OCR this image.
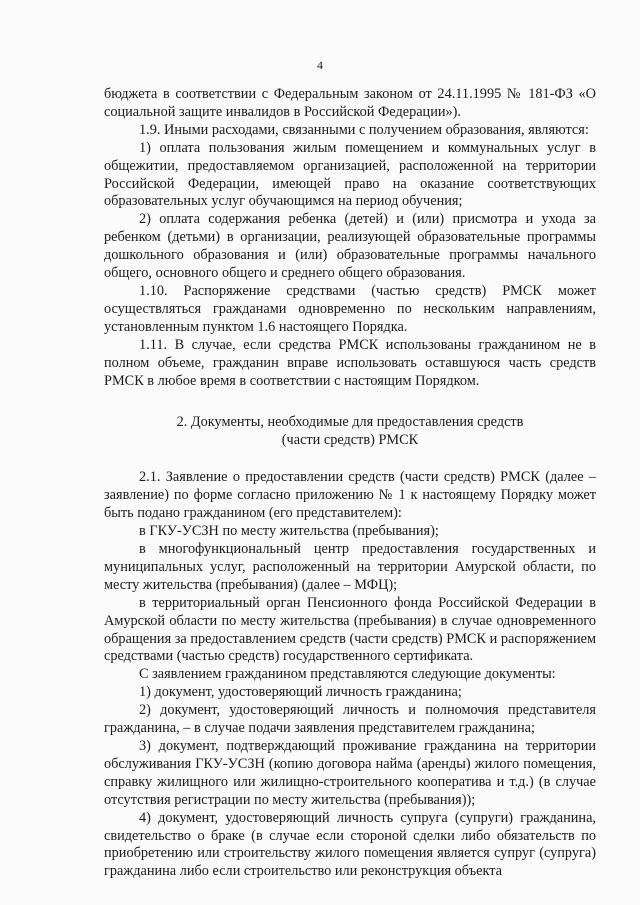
4

бюджета в соответствии с Федеральным законом от 24.11.1995 № 181-ФЗ «О социальной защите инвалидов в Российской Федерации»).

1.9. Иными расходами, связанными с получением образования, являются:

1) оплата пользования жилым помещением и коммунальных услуг в общежитии, предоставляемом организацией, расположенной на территории Российской Федерации, имеющей право на оказание соответствующих образовательных услуг обучающимся на период обучения;

2) оплата содержания ребенка (детей) и (или) присмотра и ухода за ребенком (детьми) в организации, реализующей образовательные программы дошкольного образования и (или) образовательные программы начального общего, основного общего и среднего общего образования.

1.10. Распоряжение средствами (частью средств) РМСК может осуществляться гражданами одновременно по нескольким направлениям, установленным пунктом 1.6 настоящего Порядка.

1.11. В случае, если средства РМСК использованы гражданином не в полном объеме, гражданин вправе использовать оставшуюся часть средств РМСК в любое время в соответствии с настоящим Порядком.

2. Документы, необходимые для предоставления средств
(части средств) РМСК

2.1. Заявление о предоставлении средств (части средств) РМСК (далее – заявление) по форме согласно приложению № 1 к настоящему Порядку может быть подано гражданином (его представителем):

в ГКУ-УСЗН по месту жительства (пребывания);

в многофункциональный центр предоставления государственных и муниципальных услуг, расположенный на территории Амурской области, по месту жительства (пребывания) (далее – МФЦ);

в территориальный орган Пенсионного фонда Российской Федерации в Амурской области по месту жительства (пребывания) в случае одновременного обращения за предоставлением средств (части средств) РМСК и распоряжением средствами (частью средств) государственного сертификата.

С заявлением гражданином представляются следующие документы:

1) документ, удостоверяющий личность гражданина;

2) документ, удостоверяющий личность и полномочия представителя гражданина, – в случае подачи заявления представителем гражданина;

3) документ, подтверждающий проживание гражданина на территории обслуживания ГКУ-УСЗН (копию договора найма (аренды) жилого помещения, справку жилищного или жилищно-строительного кооператива и т.д.) (в случае отсутствия регистрации по месту жительства (пребывания));

4) документ, удостоверяющий личность супруга (супруги) гражданина, свидетельство о браке (в случае если стороной сделки либо обязательств по приобретению или строительству жилого помещения является супруг (супруга) гражданина либо если строительство или реконструкция объекта
